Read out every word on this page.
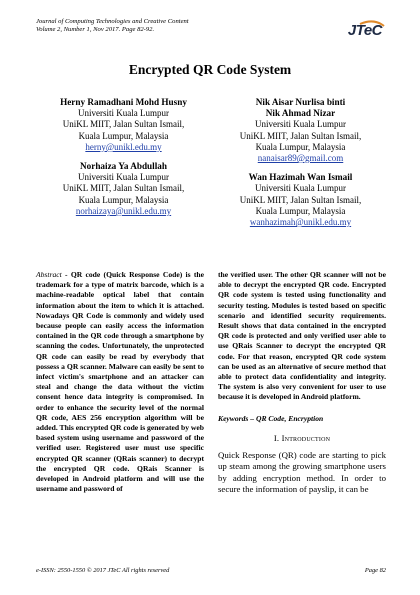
Journal of Computing Technologies and Creative Content
Volume 2, Number 1, Nov 2017. Page 82-92.	JTeC
Encrypted QR Code System
Herny Ramadhani Mohd Husny
Universiti Kuala Lumpur
UniKL MIIT, Jalan Sultan Ismail,
Kuala Lumpur, Malaysia
herny@unikl.edu.my
Norhaiza Ya Abdullah
Universiti Kuala Lumpur
UniKL MIIT, Jalan Sultan Ismail,
Kuala Lumpur, Malaysia
norhaizaya@unikl.edu.my
Nik Aisar Nurlisa binti
Nik Ahmad Nizar
Universiti Kuala Lumpur
UniKL MIIT, Jalan Sultan Ismail,
Kuala Lumpur, Malaysia
nanaisar89@gmail.com
Wan Hazimah Wan Ismail
Universiti Kuala Lumpur
UniKL MIIT, Jalan Sultan Ismail,
Kuala Lumpur, Malaysia
wanhazimah@unikl.edu.my

Abstract - QR code (Quick Response Code) is the trademark for a type of matrix barcode, which is a machine-readable optical label that contain information about the item to which it is attached. Nowadays QR Code is commonly and widely used because people can easily access the information contained in the QR code through a smartphone by scanning the codes. Unfortunately, the unprotected QR code can easily be read by everybody that possess a QR scanner. Malware can easily be sent to infect victim's smartphone and an attacker can steal and change the data without the victim consent hence data integrity is compromised. In order to enhance the security level of the normal QR code, AES 256 encryption algorithm will be added. This encrypted QR code is generated by web based system using username and password of the verified user. Registered user must use specific encrypted QR scanner (QRais scanner) to decrypt the encrypted QR code. QRais Scanner is developed in Android platform and will use the username and password of

the verified user. The other QR scanner will not be able to decrypt the encrypted QR code. Encrypted QR code system is tested using functionality and security testing. Modules is tested based on specific scenario and identified security requirements. Result shows that data contained in the encrypted QR code is protected and only verified user able to use QRais Scanner to decrypt the encrypted QR code. For that reason, encrypted QR code system can be used as an alternative of secure method that able to protect data confidentiality and integrity. The system is also very convenient for user to use because it is developed in Android platform.

Keywords – QR Code, Encryption

I. Introduction

Quick Response (QR) code are starting to pick up steam among the growing smartphone users by adding encryption method. In order to secure the information of payslip, it can be

e-ISSN: 2550-1550 © 2017 JTeC All rights reserved	Page 82
